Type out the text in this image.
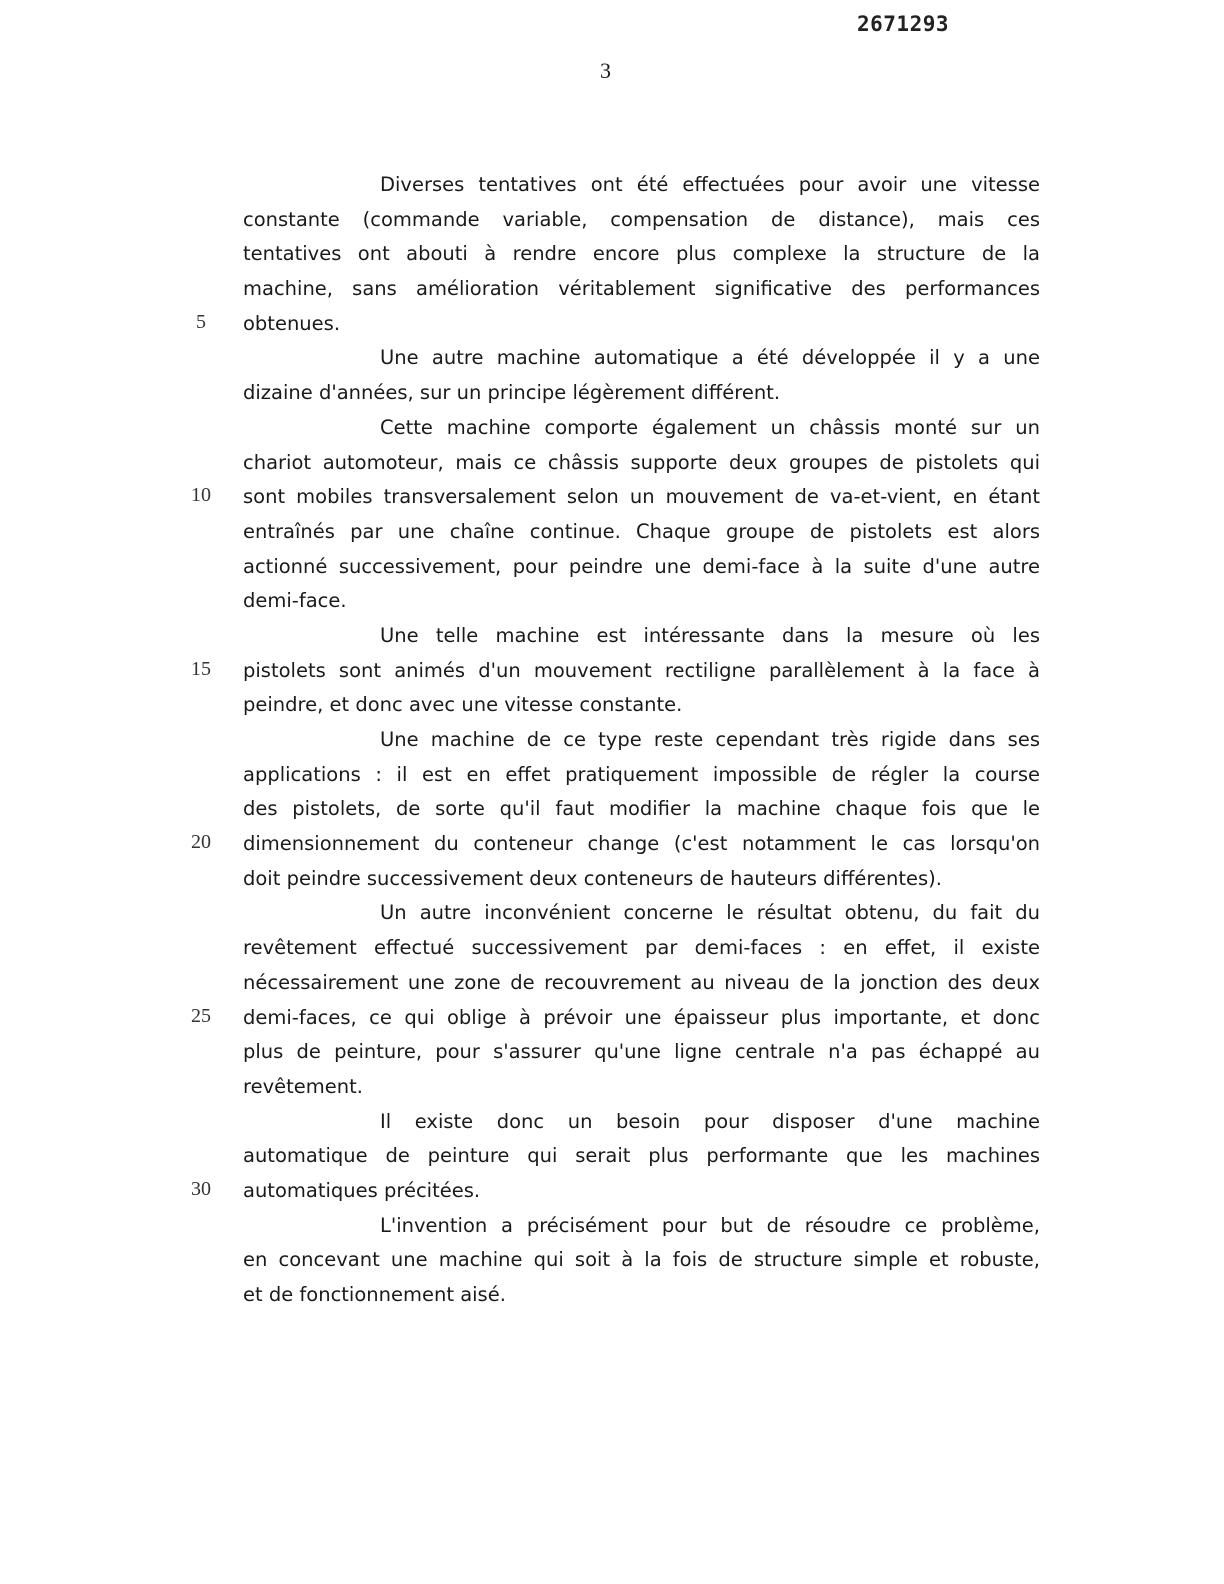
2671293
3
Diverses tentatives ont été effectuées pour avoir une vitesse
constante (commande variable, compensation de distance), mais ces
tentatives ont abouti à rendre encore plus complexe la structure de la
machine, sans amélioration véritablement significative des performances
5	obtenues.
Une autre machine automatique a été développée il y a une
dizaine d'années, sur un principe légèrement différent.
Cette machine comporte également un châssis monté sur un
chariot automoteur, mais ce châssis supporte deux groupes de pistolets qui
10 sont mobiles transversalement selon un mouvement de va-et-vient, en étant
entraînés par une chaîne continue. Chaque groupe de pistolets est alors
actionné successivement, pour peindre une demi-face à la suite d'une autre
demi-face.
Une telle machine est intéressante dans la mesure où les
15 pistolets sont animés d'un mouvement rectiligne parallèlement à la face à
peindre, et donc avec une vitesse constante.
Une machine de ce type reste cependant très rigide dans ses
applications : il est en effet pratiquement impossible de régler la course
des pistolets, de sorte qu'il faut modifier la machine chaque fois que le
20 dimensionnement du conteneur change (c'est notamment le cas lorsqu'on
doit peindre successivement deux conteneurs de hauteurs différentes).
Un autre inconvénient concerne le résultat obtenu, du fait du
revêtement effectué successivement par demi-faces : en effet, il existe
nécessairement une zone de recouvrement au niveau de la jonction des deux
25 demi-faces, ce qui oblige à prévoir une épaisseur plus importante, et donc
plus de peinture, pour s'assurer qu'une ligne centrale n'a pas échappé au
revêtement.
Il existe donc un besoin pour disposer d'une machine
automatique de peinture qui serait plus performante que les machines
30 automatiques précitées.
L'invention a précisément pour but de résoudre ce problème,
en concevant une machine qui soit à la fois de structure simple et robuste,
et de fonctionnement aisé.
